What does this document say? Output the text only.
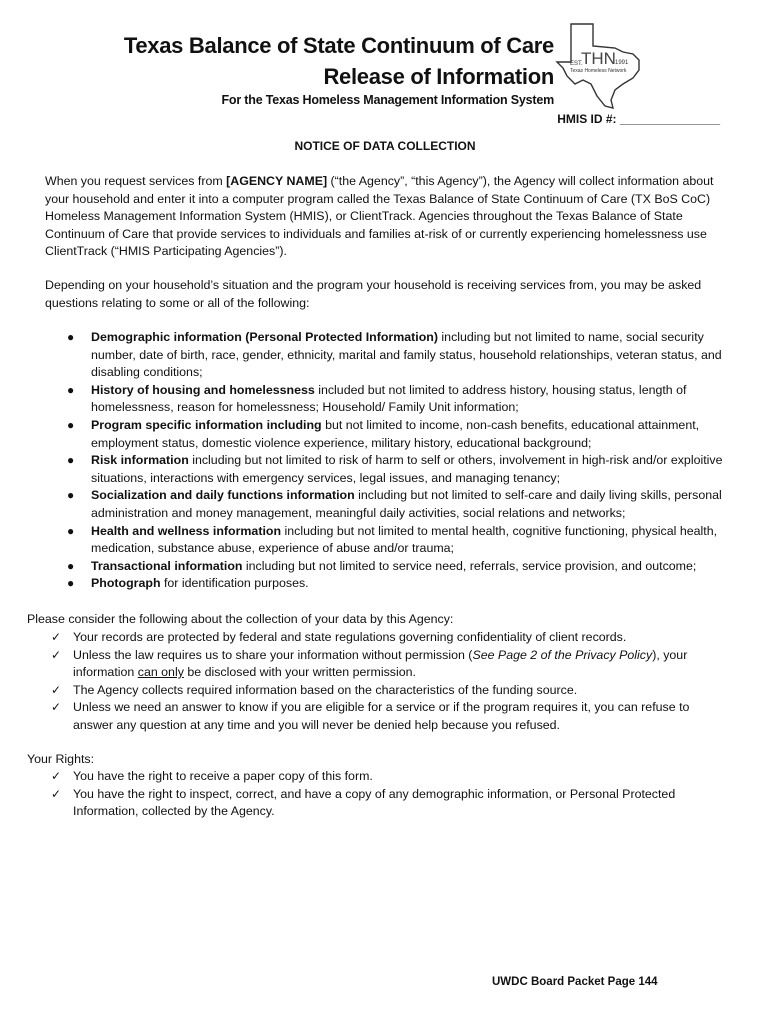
Texas Balance of State Continuum of Care
Release of Information
For the Texas Homeless Management Information System
HMIS ID #: _______________
EST.
THN 1991
Texas Homeless Network
NOTICE OF DATA COLLECTION
When you request services from [AGENCY NAME] (“the Agency”, “this Agency”), the Agency will collect information about your household and enter it into a computer program called the Texas Balance of State Continuum of Care (TX BoS CoC) Homeless Management Information System (HMIS), or ClientTrack. Agencies throughout the Texas Balance of State Continuum of Care that provide services to individuals and families at-risk of or currently experiencing homelessness use ClientTrack (“HMIS Participating Agencies”).
Depending on your household’s situation and the program your household is receiving services from, you may be asked questions relating to some or all of the following:
● Demographic information (Personal Protected Information) including but not limited to name, social security number, date of birth, race, gender, ethnicity, marital and family status, household relationships, veteran status, and disabling conditions;
● History of housing and homelessness included but not limited to address history, housing status, length of homelessness, reason for homelessness; Household/ Family Unit information;
● Program specific information including but not limited to income, non-cash benefits, educational attainment, employment status, domestic violence experience, military history, educational background;
● Risk information including but not limited to risk of harm to self or others, involvement in high-risk and/or exploitive situations, interactions with emergency services, legal issues, and managing tenancy;
● Socialization and daily functions information including but not limited to self-care and daily living skills, personal administration and money management, meaningful daily activities, social relations and networks;
● Health and wellness information including but not limited to mental health, cognitive functioning, physical health, medication, substance abuse, experience of abuse and/or trauma;
● Transactional information including but not limited to service need, referrals, service provision, and outcome;
● Photograph for identification purposes.
Please consider the following about the collection of your data by this Agency:
✓ Your records are protected by federal and state regulations governing confidentiality of client records.
✓ Unless the law requires us to share your information without permission (See Page 2 of the Privacy Policy), your information can only be disclosed with your written permission.
✓ The Agency collects required information based on the characteristics of the funding source.
✓ Unless we need an answer to know if you are eligible for a service or if the program requires it, you can refuse to answer any question at any time and you will never be denied help because you refused.
Your Rights:
✓ You have the right to receive a paper copy of this form.
✓ You have the right to inspect, correct, and have a copy of any demographic information, or Personal Protected Information, collected by the Agency.
UWDC Board Packet Page 144
